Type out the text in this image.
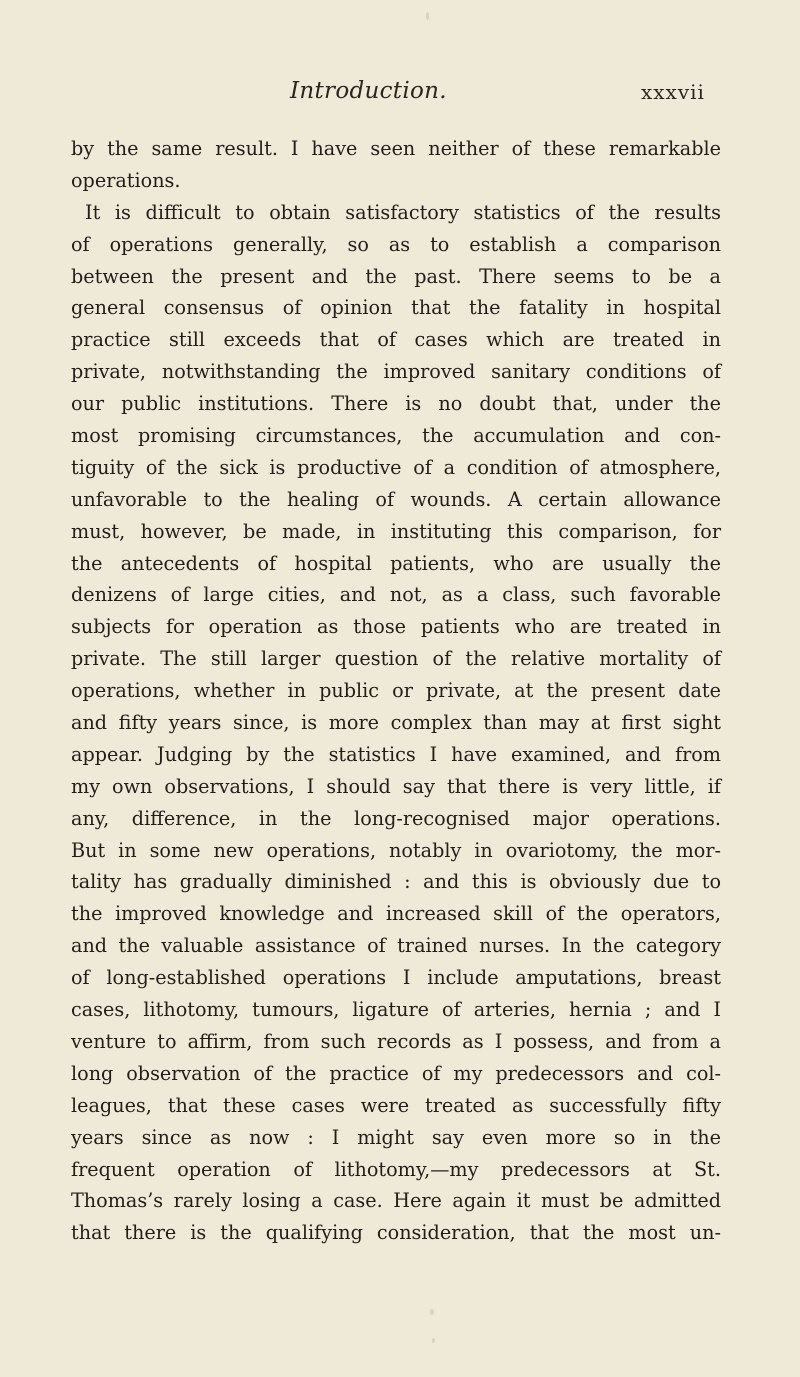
Introduction.	xxxvii
by the same result. I have seen neither of these remarkable
operations.
It is difficult to obtain satisfactory statistics of the results
of operations generally, so as to establish a comparison
between the present and the past. There seems to be a
general consensus of opinion that the fatality in hospital
practice still exceeds that of cases which are treated in
private, notwithstanding the improved sanitary conditions of
our public institutions. There is no doubt that, under the
most promising circumstances, the accumulation and con-
tiguity of the sick is productive of a condition of atmosphere,
unfavorable to the healing of wounds. A certain allowance
must, however, be made, in instituting this comparison, for
the antecedents of hospital patients, who are usually the
denizens of large cities, and not, as a class, such favorable
subjects for operation as those patients who are treated in
private. The still larger question of the relative mortality of
operations, whether in public or private, at the present date
and fifty years since, is more complex than may at first sight
appear. Judging by the statistics I have examined, and from
my own observations, I should say that there is very little, if
any, difference, in the long-recognised major operations.
But in some new operations, notably in ovariotomy, the mor-
tality has gradually diminished : and this is obviously due to
the improved knowledge and increased skill of the operators,
and the valuable assistance of trained nurses. In the category
of long-established operations I include amputations, breast
cases, lithotomy, tumours, ligature of arteries, hernia ; and I
venture to affirm, from such records as I possess, and from a
long observation of the practice of my predecessors and col-
leagues, that these cases were treated as successfully fifty
years since as now : I might say even more so in the
frequent operation of lithotomy,—my predecessors at St.
Thomas’s rarely losing a case. Here again it must be admitted
that there is the qualifying consideration, that the most un-
